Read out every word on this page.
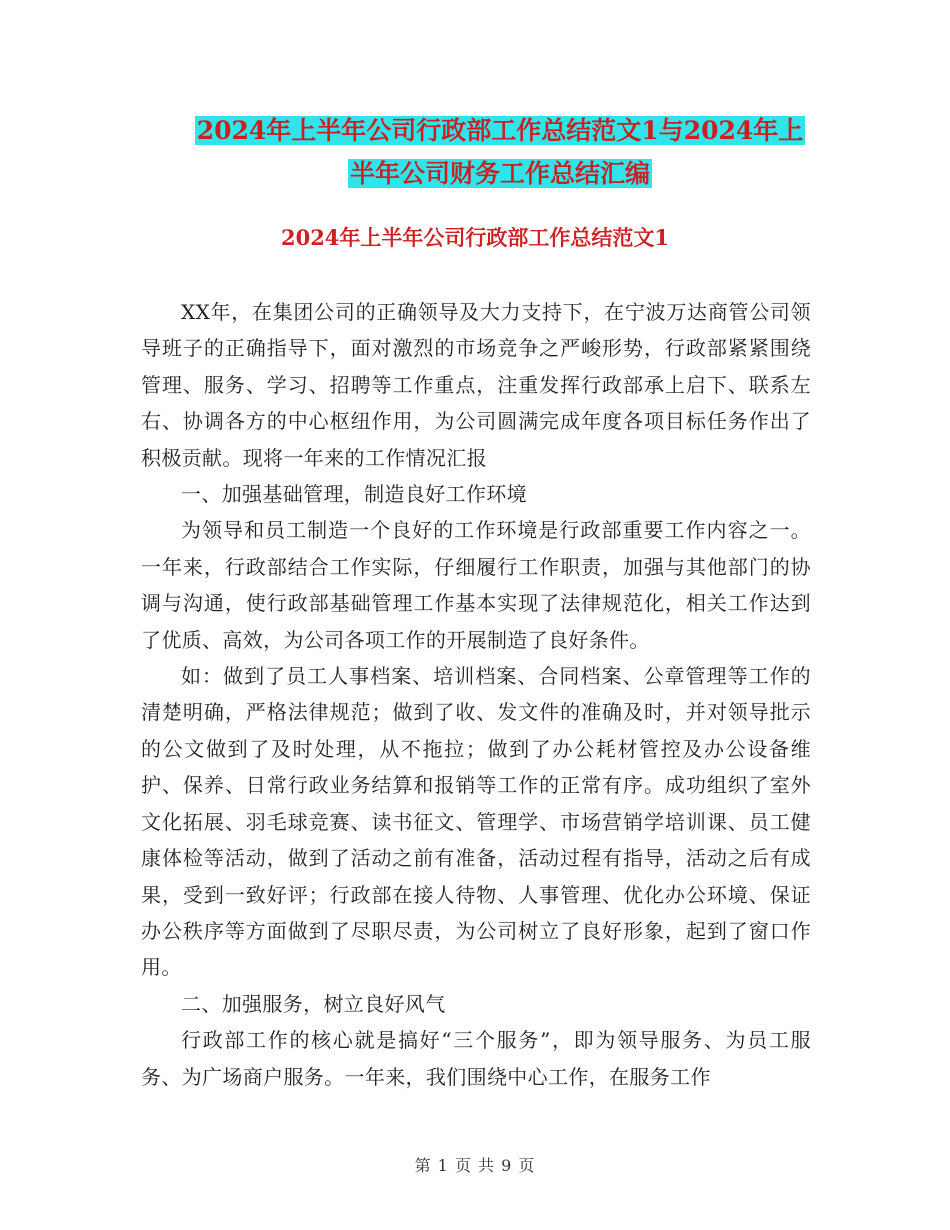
2024年上半年公司行政部工作总结范文1与2024年上
半年公司财务工作总结汇编
2024年上半年公司行政部工作总结范文1

XX年，在集团公司的正确领导及大力支持下，在宁波万达商管公司领导班子的正确指导下，面对激烈的市场竞争之严峻形势，行政部紧紧围绕管理、服务、学习、招聘等工作重点，注重发挥行政部承上启下、联系左右、协调各方的中心枢纽作用，为公司圆满完成年度各项目标任务作出了积极贡献。现将一年来的工作情况汇报

一、加强基础管理，制造良好工作环境

为领导和员工制造一个良好的工作环境是行政部重要工作内容之一。一年来，行政部结合工作实际，仔细履行工作职责，加强与其他部门的协调与沟通，使行政部基础管理工作基本实现了法律规范化，相关工作达到了优质、高效，为公司各项工作的开展制造了良好条件。

如：做到了员工人事档案、培训档案、合同档案、公章管理等工作的清楚明确，严格法律规范；做到了收、发文件的准确及时，并对领导批示的公文做到了及时处理，从不拖拉；做到了办公耗材管控及办公设备维护、保养、日常行政业务结算和报销等工作的正常有序。成功组织了室外文化拓展、羽毛球竞赛、读书征文、管理学、市场营销学培训课、员工健康体检等活动，做到了活动之前有准备，活动过程有指导，活动之后有成果，受到一致好评；行政部在接人待物、人事管理、优化办公环境、保证办公秩序等方面做到了尽职尽责，为公司树立了良好形象，起到了窗口作用。

二、加强服务，树立良好风气

行政部工作的核心就是搞好“三个服务”，即为领导服务、为员工服务、为广场商户服务。一年来，我们围绕中心工作，在服务工作

第 1 页 共 9 页
